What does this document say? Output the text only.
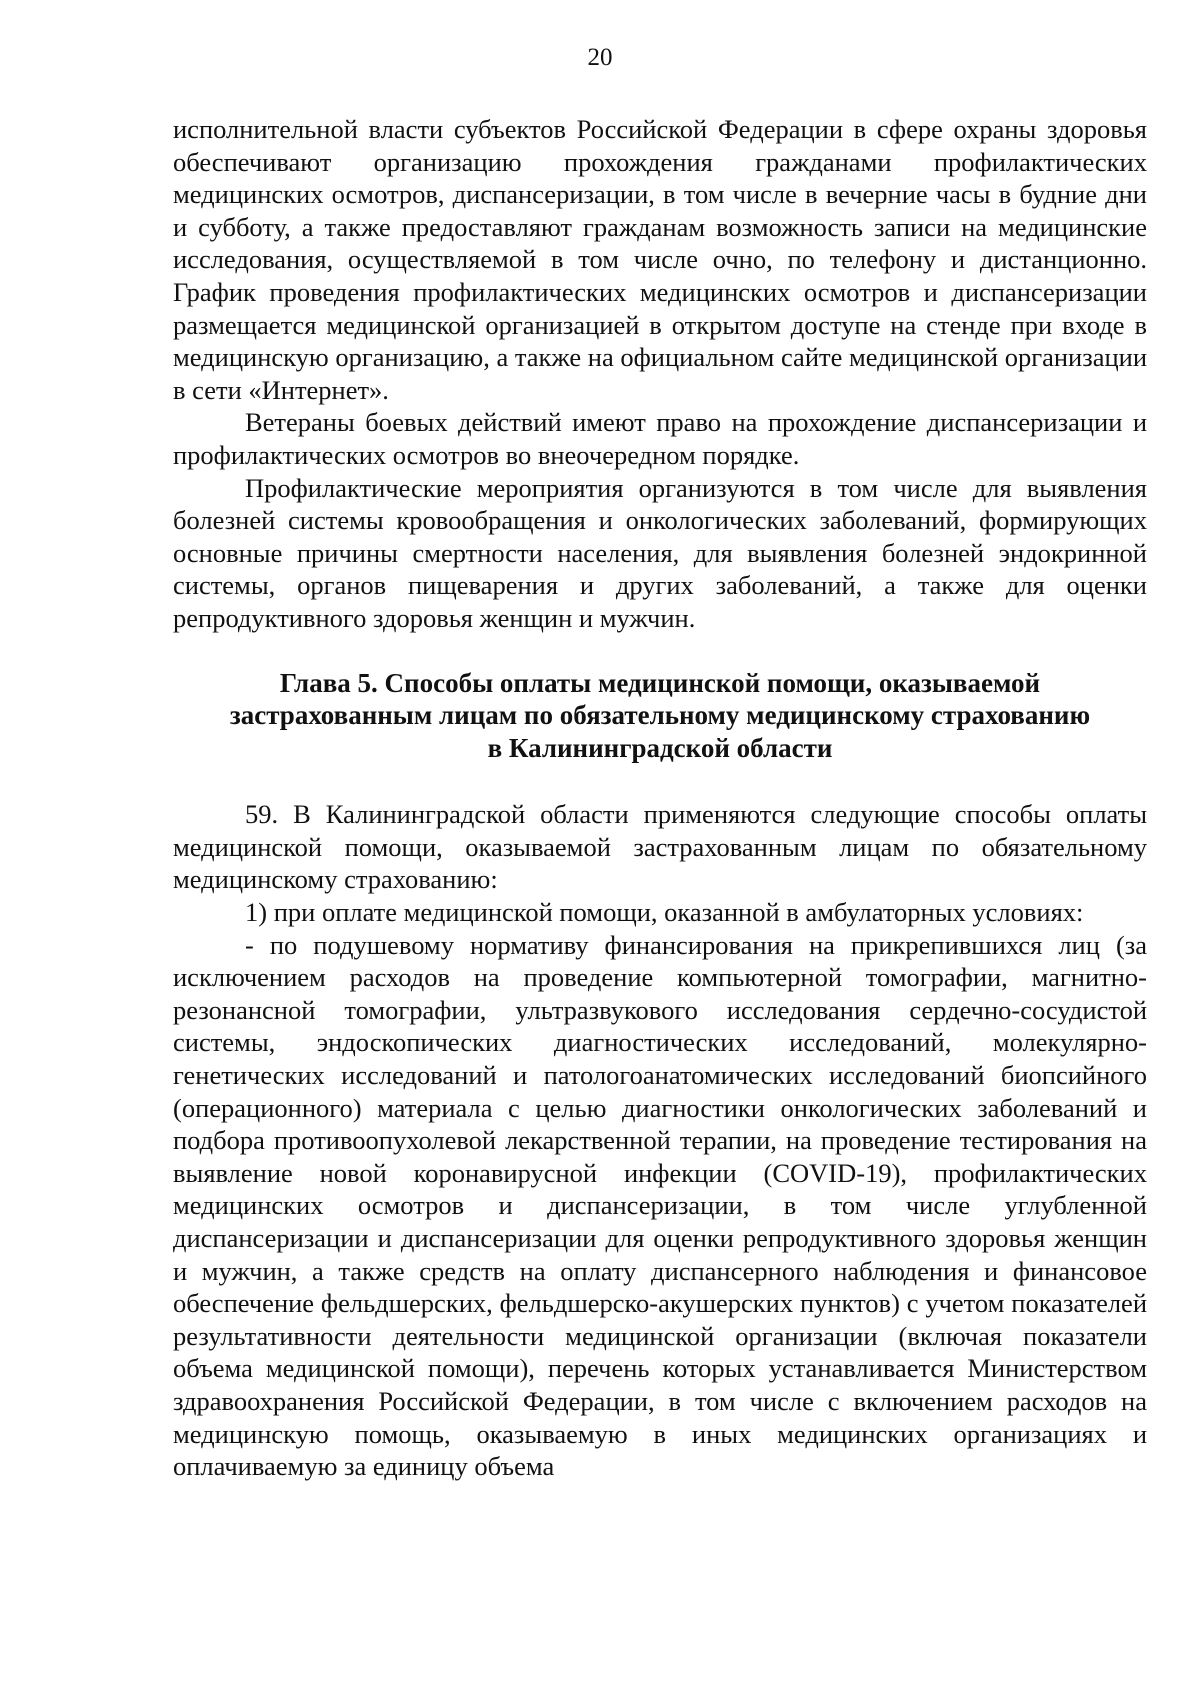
20

исполнительной власти субъектов Российской Федерации в сфере охраны здоровья обеспечивают организацию прохождения гражданами профилактических медицинских осмотров, диспансеризации, в том числе в вечерние часы в будние дни и субботу, а также предоставляют гражданам возможность записи на медицинские исследования, осуществляемой в том числе очно, по телефону и дистанционно. График проведения профилактических медицинских осмотров и диспансеризации размещается медицинской организацией в открытом доступе на стенде при входе в медицинскую организацию, а также на официальном сайте медицинской организации в сети «Интернет».

Ветераны боевых действий имеют право на прохождение диспансеризации и профилактических осмотров во внеочередном порядке.

Профилактические мероприятия организуются в том числе для выявления болезней системы кровообращения и онкологических заболеваний, формирующих основные причины смертности населения, для выявления болезней эндокринной системы, органов пищеварения и других заболеваний, а также для оценки репродуктивного здоровья женщин и мужчин.

Глава 5. Способы оплаты медицинской помощи, оказываемой
застрахованным лицам по обязательному медицинскому страхованию
в Калининградской области

59. В Калининградской области применяются следующие способы оплаты медицинской помощи, оказываемой застрахованным лицам по обязательному медицинскому страхованию:

1) при оплате медицинской помощи, оказанной в амбулаторных условиях:

- по подушевому нормативу финансирования на прикрепившихся лиц (за исключением расходов на проведение компьютерной томографии, магнитно-резонансной томографии, ультразвукового исследования сердечно-сосудистой системы, эндоскопических диагностических исследований, молекулярно-генетических исследований и патологоанатомических исследований биопсийного (операционного) материала с целью диагностики онкологических заболеваний и подбора противоопухолевой лекарственной терапии, на проведение тестирования на выявление новой коронавирусной инфекции (COVID-19), профилактических медицинских осмотров и диспансеризации, в том числе углубленной диспансеризации и диспансеризации для оценки репродуктивного здоровья женщин и мужчин, а также средств на оплату диспансерного наблюдения и финансовое обеспечение фельдшерских, фельдшерско-акушерских пунктов) с учетом показателей результативности деятельности медицинской организации (включая показатели объема медицинской помощи), перечень которых устанавливается Министерством здравоохранения Российской Федерации, в том числе с включением расходов на медицинскую помощь, оказываемую в иных медицинских организациях и оплачиваемую за единицу объема
